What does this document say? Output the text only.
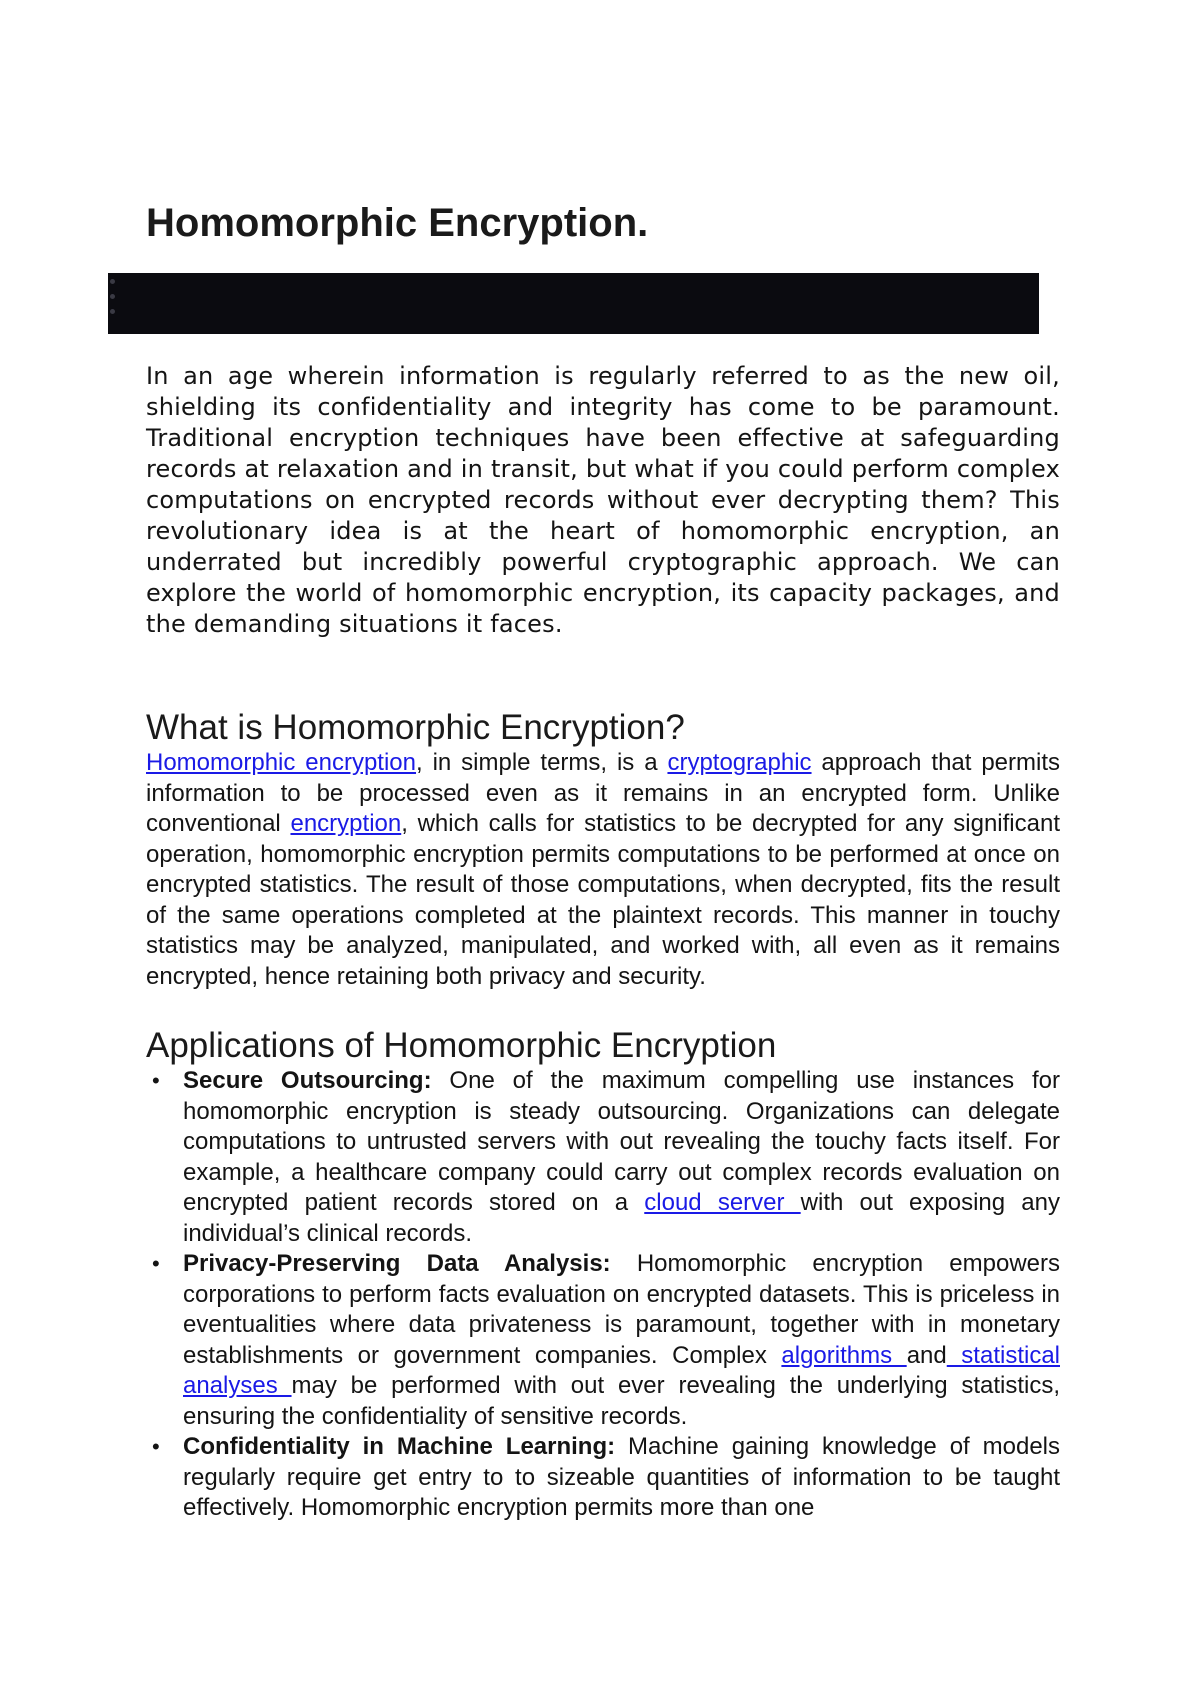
Homomorphic Encryption.

In an age wherein information is regularly referred to as the new oil, shielding its confidentiality and integrity has come to be paramount. Traditional encryption techniques have been effective at safeguarding records at relaxation and in transit, but what if you could perform complex computations on encrypted records without ever decrypting them? This revolutionary idea is at the heart of homomorphic encryption, an underrated but incredibly powerful cryptographic approach. We can explore the world of homomorphic encryption, its capacity packages, and the demanding situations it faces.

What is Homomorphic Encryption?

Homomorphic encryption, in simple terms, is a cryptographic approach that permits information to be processed even as it remains in an encrypted form. Unlike conventional encryption, which calls for statistics to be decrypted for any significant operation, homomorphic encryption permits computations to be performed at once on encrypted statistics. The result of those computations, when decrypted, fits the result of the same operations completed at the plaintext records. This manner in touchy statistics may be analyzed, manipulated, and worked with, all even as it remains encrypted, hence retaining both privacy and security.

Applications of Homomorphic Encryption
• Secure Outsourcing: One of the maximum compelling use instances for homomorphic encryption is steady outsourcing. Organizations can delegate computations to untrusted servers with out revealing the touchy facts itself. For example, a healthcare company could carry out complex records evaluation on encrypted patient records stored on a cloud server with out exposing any individual’s clinical records.
• Privacy-Preserving Data Analysis: Homomorphic encryption empowers corporations to perform facts evaluation on encrypted datasets. This is priceless in eventualities where data privateness is paramount, together with in monetary establishments or government companies. Complex algorithms and statistical analyses may be performed with out ever revealing the underlying statistics, ensuring the confidentiality of sensitive records.
• Confidentiality in Machine Learning: Machine gaining knowledge of models regularly require get entry to to sizeable quantities of information to be taught effectively. Homomorphic encryption permits more than one
